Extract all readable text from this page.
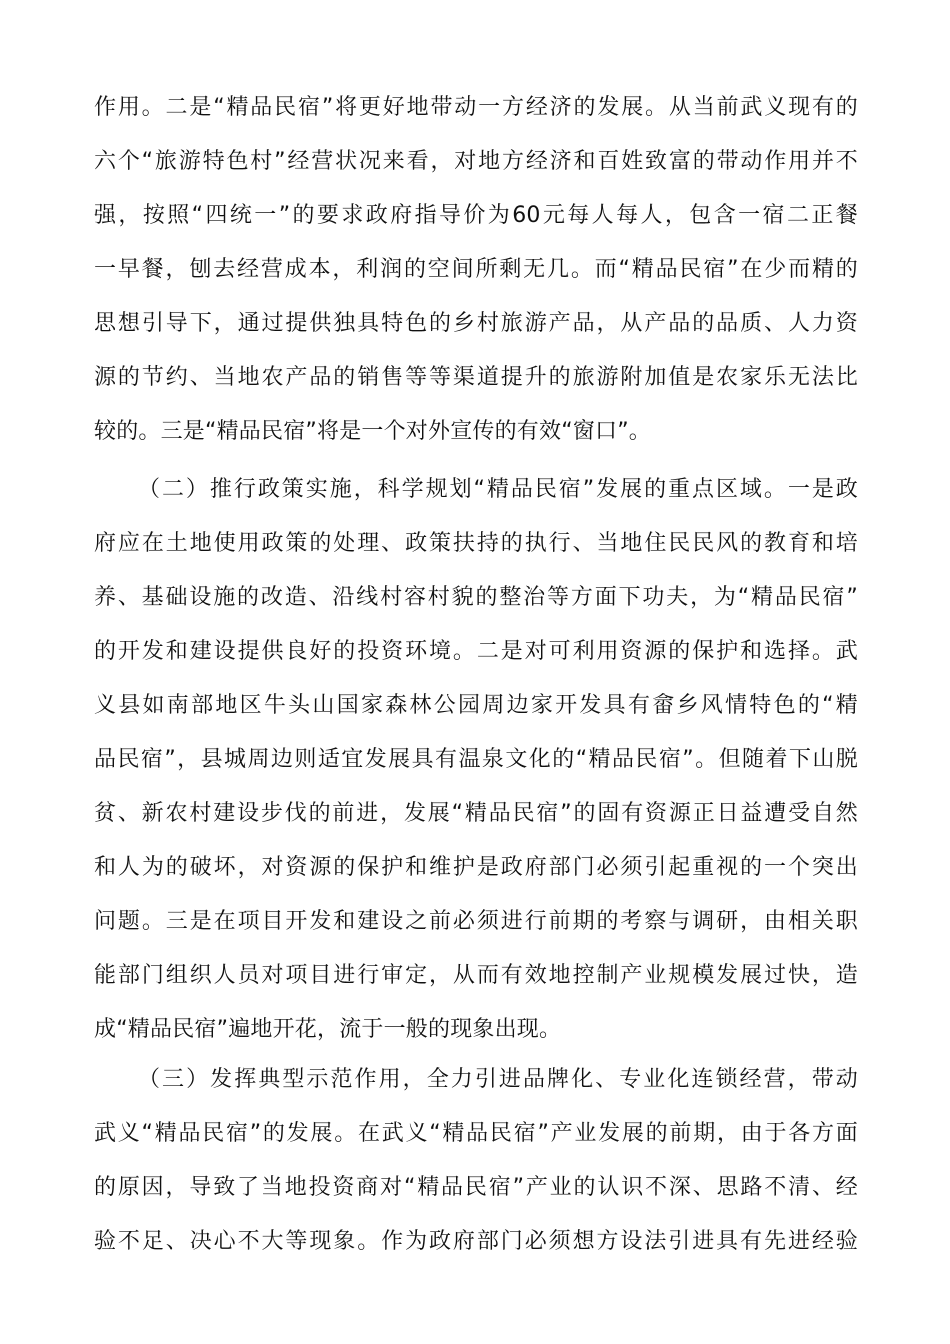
作用。二是“精品民宿”将更好地带动一方经济的发展。从当前武义现有的
六个“旅游特色村”经营状况来看，对地方经济和百姓致富的带动作用并不
强，按照“四统一”的要求政府指导价为60元每人每人，包含一宿二正餐
一早餐，刨去经营成本，利润的空间所剩无几。而“精品民宿”在少而精的
思想引导下，通过提供独具特色的乡村旅游产品，从产品的品质、人力资
源的节约、当地农产品的销售等等渠道提升的旅游附加值是农家乐无法比
较的。三是“精品民宿”将是一个对外宣传的有效“窗口”。
（二）推行政策实施，科学规划“精品民宿”发展的重点区域。一是政
府应在土地使用政策的处理、政策扶持的执行、当地住民民风的教育和培
养、基础设施的改造、沿线村容村貌的整治等方面下功夫，为“精品民宿”
的开发和建设提供良好的投资环境。二是对可利用资源的保护和选择。武
义县如南部地区牛头山国家森林公园周边家开发具有畲乡风情特色的“精
品民宿”，县城周边则适宜发展具有温泉文化的“精品民宿”。但随着下山脱
贫、新农村建设步伐的前进，发展“精品民宿”的固有资源正日益遭受自然
和人为的破坏，对资源的保护和维护是政府部门必须引起重视的一个突出
问题。三是在项目开发和建设之前必须进行前期的考察与调研，由相关职
能部门组织人员对项目进行审定，从而有效地控制产业规模发展过快，造
成“精品民宿”遍地开花，流于一般的现象出现。
（三）发挥典型示范作用，全力引进品牌化、专业化连锁经营，带动
武义“精品民宿”的发展。在武义“精品民宿”产业发展的前期，由于各方面
的原因，导致了当地投资商对“精品民宿”产业的认识不深、思路不清、经
验不足、决心不大等现象。作为政府部门必须想方设法引进具有先进经验
